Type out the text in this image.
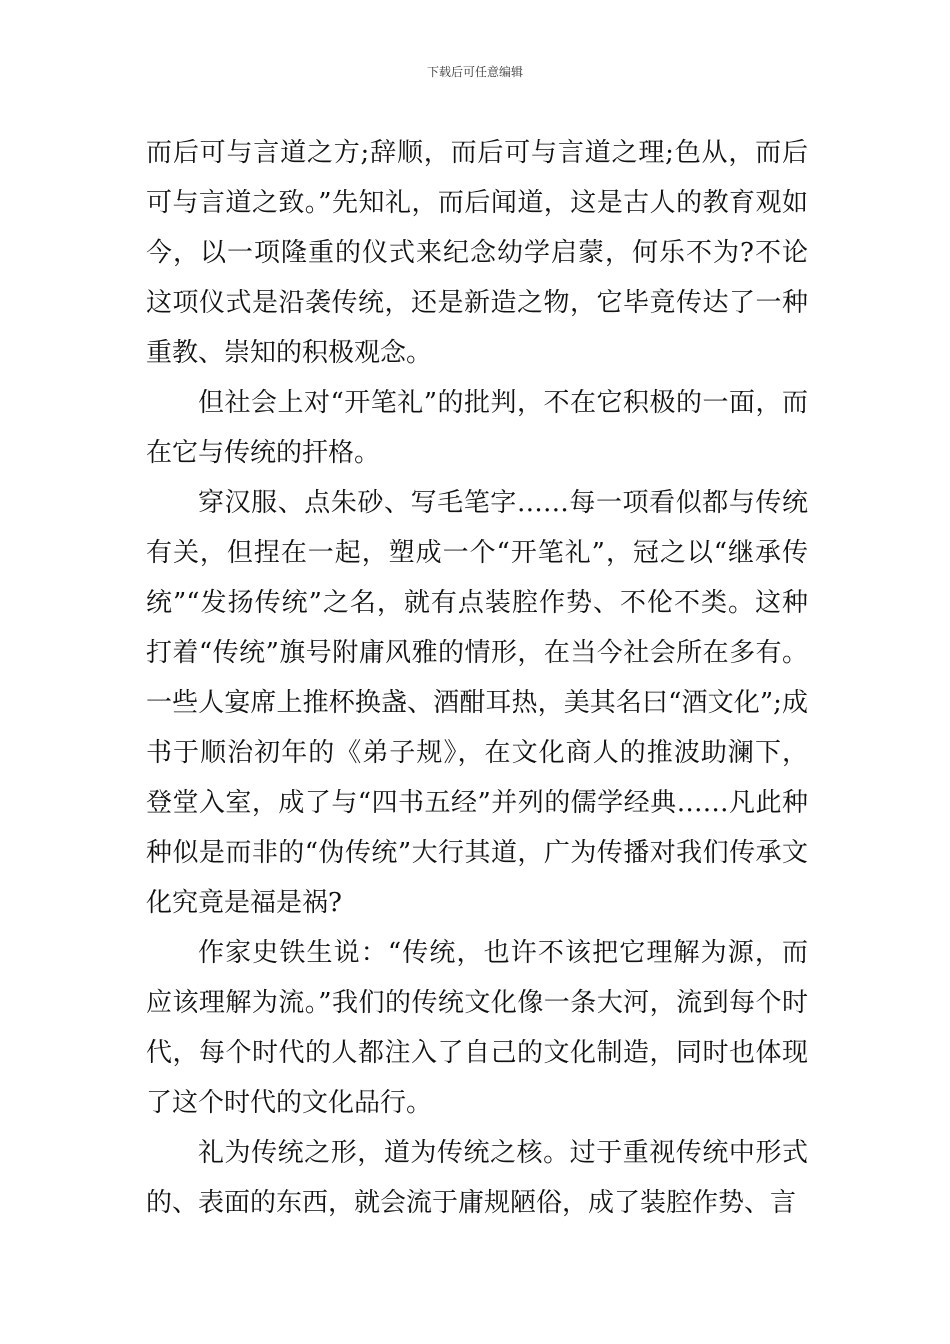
下载后可任意编辑

而后可与言道之方;辞顺，而后可与言道之理;色从，而后可与言道之致。”先知礼，而后闻道，这是古人的教育观如今，以一项隆重的仪式来纪念幼学启蒙，何乐不为?不论这项仪式是沿袭传统，还是新造之物，它毕竟传达了一种重教、崇知的积极观念。

但社会上对“开笔礼”的批判，不在它积极的一面，而在它与传统的扞格。

穿汉服、点朱砂、写毛笔字……每一项看似都与传统有关，但捏在一起，塑成一个“开笔礼”，冠之以“继承传统”“发扬传统”之名，就有点装腔作势、不伦不类。这种打着“传统”旗号附庸风雅的情形，在当今社会所在多有。一些人宴席上推杯换盏、酒酣耳热，美其名曰“酒文化”;成书于顺治初年的《弟子规》，在文化商人的推波助澜下，登堂入室，成了与“四书五经”并列的儒学经典……凡此种种似是而非的“伪传统”大行其道，广为传播对我们传承文化究竟是福是祸?

作家史铁生说：“传统，也许不该把它理解为源，而应该理解为流。”我们的传统文化像一条大河，流到每个时代，每个时代的人都注入了自己的文化制造，同时也体现了这个时代的文化品行。

礼为传统之形，道为传统之核。过于重视传统中形式的、表面的东西，就会流于庸规陋俗，成了装腔作势、言
